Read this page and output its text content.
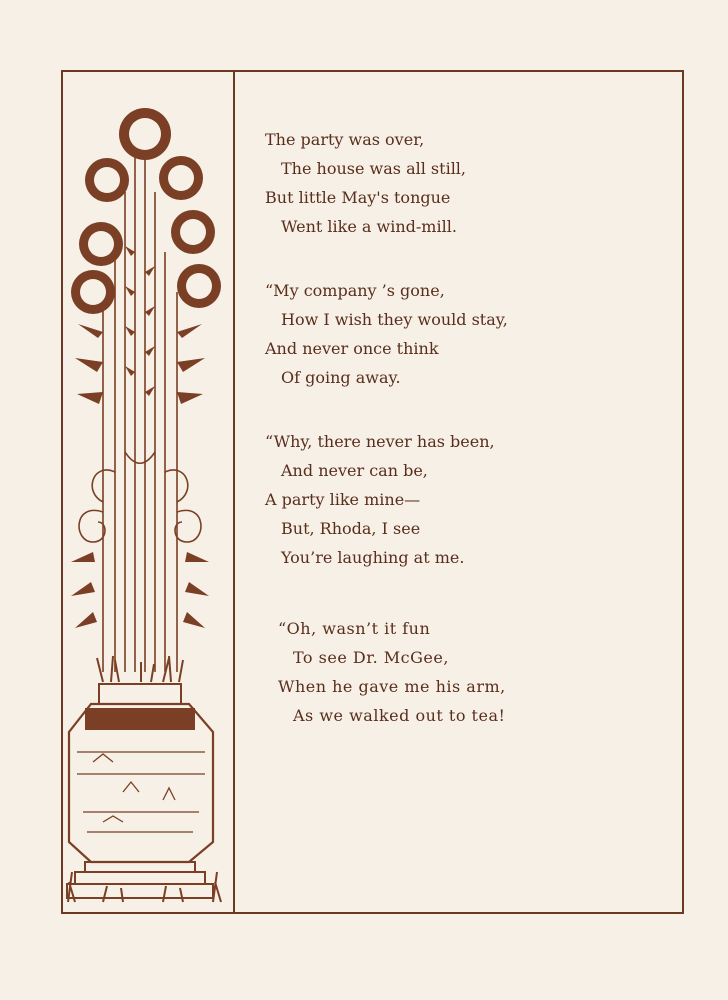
The party was over,
The house was all still,
But little May's tongue
Went like a wind-mill.
“My company ’s gone,
How I wish they would stay,
And never once think
Of going away.
“Why, there never has been,
And never can be,
A party like mine—
But, Rhoda, I see
You’re laughing at me.
“Oh, wasn’t it fun
To see Dr. McGee,
When he gave me his arm,
As we walked out to tea!
